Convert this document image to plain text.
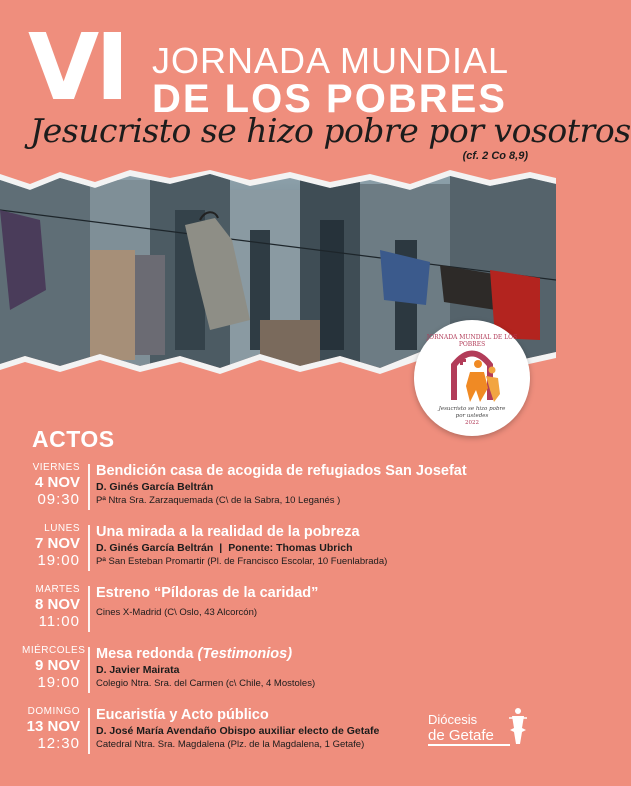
VI JORNADA MUNDIAL
DE LOS POBRES
Jesucristo se hizo pobre por vosotros
(cf. 2 Co 8,9)
JORNADA MUNDIAL DE LOS POBRES
Jesucristo se hizo pobre por ustedes
2022
ACTOS
VIERNES
4 NOV
09:30
Bendición casa de acogida de refugiados San Josefat
D. Ginés García Beltrán
Pª Ntra Sra. Zarzaquemada (C\ de la Sabra, 10 Leganés )
LUNES
7 NOV
19:00
Una mirada a la realidad de la pobreza
D. Ginés García Beltrán | Ponente: Thomas Ubrich
Pª San Esteban Promartir (Pl. de Francisco Escolar, 10 Fuenlabrada)
MARTES
8 NOV
11:00
Estreno “Píldoras de la caridad”
Cines X-Madrid (C\ Oslo, 43 Alcorcón)
MIÉRCOLES
9 NOV
19:00
Mesa redonda (Testimonios)
D. Javier Mairata
Colegio Ntra. Sra. del Carmen (c\ Chile, 4 Mostoles)
DOMINGO
13 NOV
12:30
Eucaristía y Acto público
D. José María Avendaño Obispo auxiliar electo de Getafe
Catedral Ntra. Sra. Magdalena (Plz. de la Magdalena, 1 Getafe)
Diócesis
de Getafe
